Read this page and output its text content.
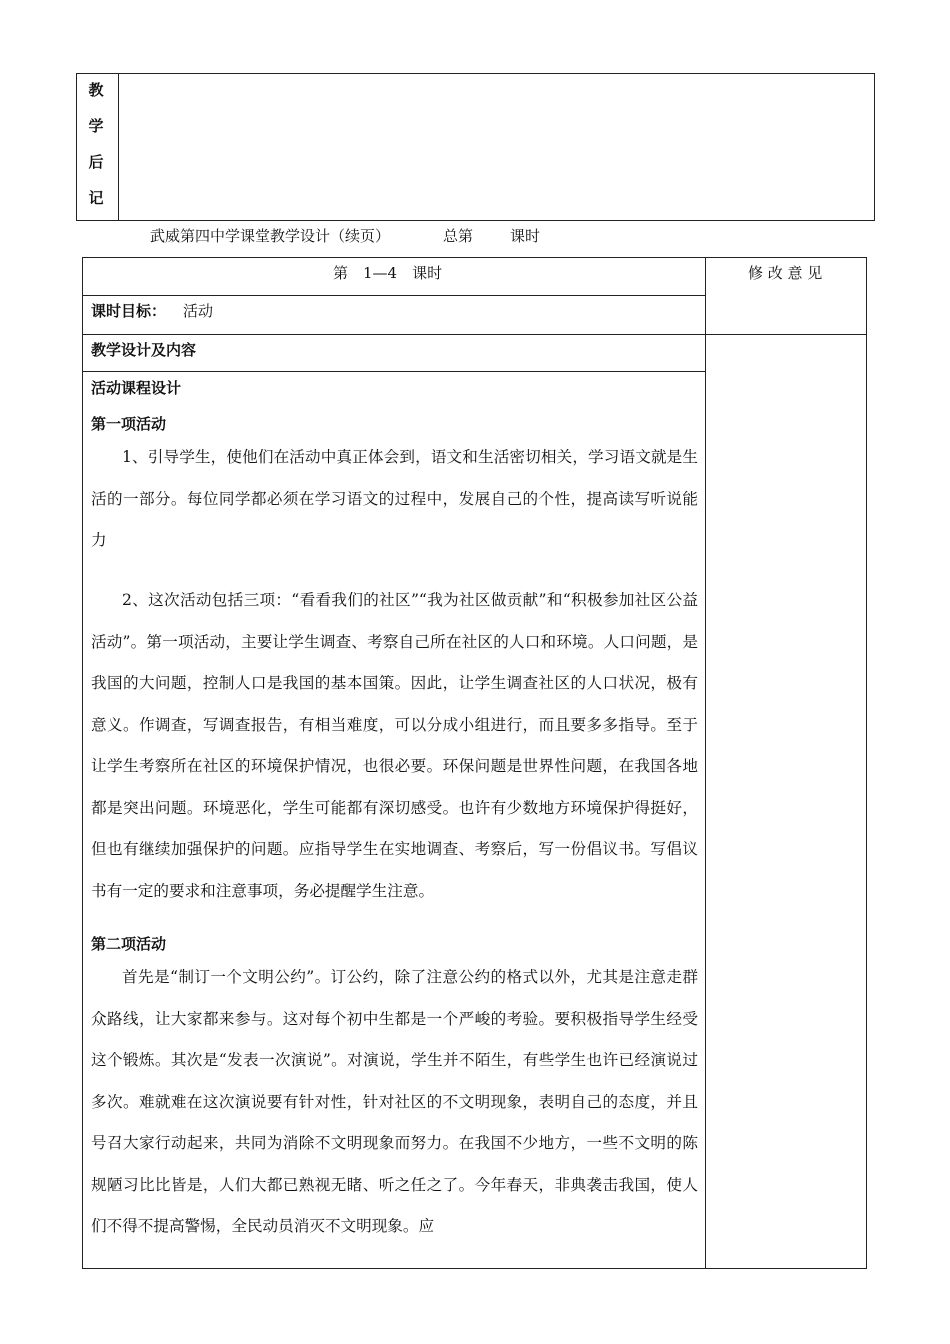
教
学
后
记
武威第四中学课堂教学设计（续页）	总第 课时
第　1—4　课时	修 改 意 见
课时目标： 活动
教学设计及内容
活动课程设计
第一项活动
1、引导学生，使他们在活动中真正体会到，语文和生活密切相关，学习语文就是生活的一部分。每位同学都必须在学习语文的过程中，发展自己的个性，提高读写听说能力
2、这次活动包括三项：“看看我们的社区”“我为社区做贡献”和“积极参加社区公益活动”。第一项活动，主要让学生调查、考察自己所在社区的人口和环境。人口问题，是我国的大问题，控制人口是我国的基本国策。因此，让学生调查社区的人口状况，极有意义。作调查，写调查报告，有相当难度，可以分成小组进行，而且要多多指导。至于让学生考察所在社区的环境保护情况，也很必要。环保问题是世界性问题，在我国各地都是突出问题。环境恶化，学生可能都有深切感受。也许有少数地方环境保护得挺好，但也有继续加强保护的问题。应指导学生在实地调查、考察后，写一份倡议书。写倡议书有一定的要求和注意事项，务必提醒学生注意。
第二项活动
首先是“制订一个文明公约”。订公约，除了注意公约的格式以外，尤其是注意走群众路线，让大家都来参与。这对每个初中生都是一个严峻的考验。要积极指导学生经受这个锻炼。其次是“发表一次演说”。对演说，学生并不陌生，有些学生也许已经演说过多次。难就难在这次演说要有针对性，针对社区的不文明现象，表明自己的态度，并且号召大家行动起来，共同为消除不文明现象而努力。在我国不少地方，一些不文明的陈规陋习比比皆是，人们大都已熟视无睹、听之任之了。今年春天，非典袭击我国，使人们不得不提高警惕，全民动员消灭不文明现象。应
